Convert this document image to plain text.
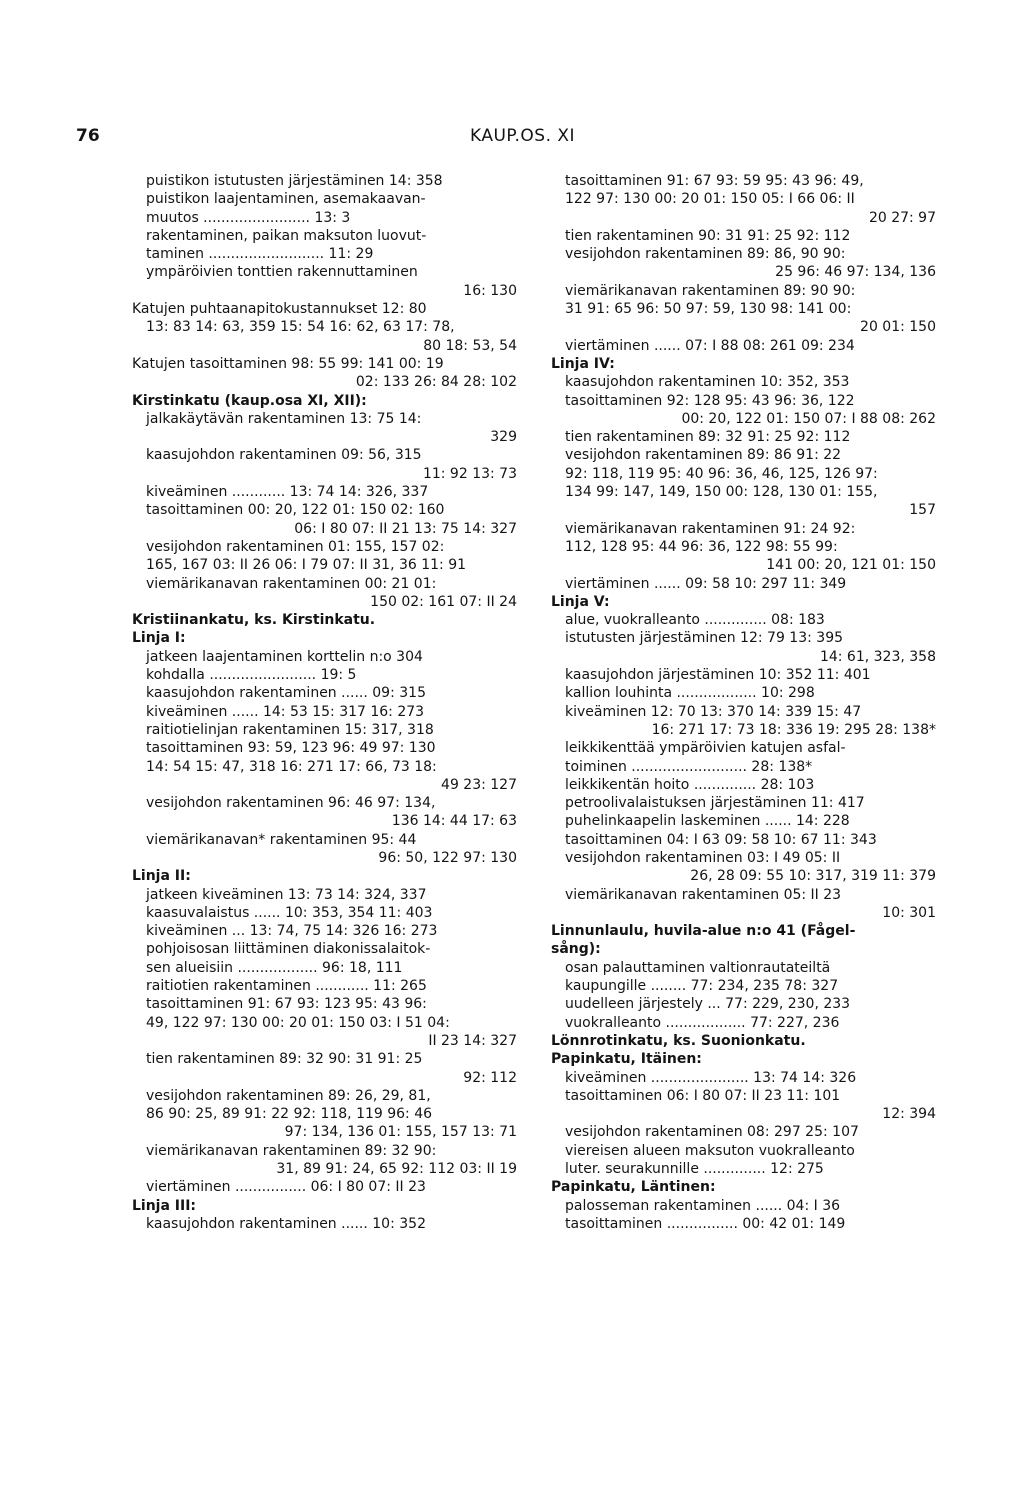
76	KAUP.OS. XI
puistikon istutusten järjestäminen 14: 358
puistikon laajentaminen, asemakaavan-
muutos ........................ 13: 3
rakentaminen, paikan maksuton luovut-
taminen .......................... 11: 29
ympäröivien tonttien rakennuttaminen
16: 130
Katujen puhtaanapitokustannukset 12: 80
13: 83 14: 63, 359 15: 54 16: 62, 63 17: 78,
80 18: 53, 54
Katujen tasoittaminen 98: 55 99: 141 00: 19
02: 133 26: 84 28: 102
Kirstinkatu (kaup.osa XI, XII):
jalkakäytävän rakentaminen 13: 75 14:
329
kaasujohdon rakentaminen 09: 56, 315
11: 92 13: 73
kiveäminen ............ 13: 74 14: 326, 337
tasoittaminen 00: 20, 122 01: 150 02: 160
06: I 80 07: II 21 13: 75 14: 327
vesijohdon rakentaminen 01: 155, 157 02:
165, 167 03: II 26 06: I 79 07: II 31, 36 11: 91
viemärikanavan rakentaminen 00: 21 01:
150 02: 161 07: II 24
Kristiinankatu, ks. Kirstinkatu.
Linja I:
jatkeen laajentaminen korttelin n:o 304
kohdalla ........................ 19: 5
kaasujohdon rakentaminen ...... 09: 315
kiveäminen ...... 14: 53 15: 317 16: 273
raitiotielinjan rakentaminen 15: 317, 318
tasoittaminen 93: 59, 123 96: 49 97: 130
14: 54 15: 47, 318 16: 271 17: 66, 73 18:
49 23: 127
vesijohdon rakentaminen 96: 46 97: 134,
136 14: 44 17: 63
viemärikanavan* rakentaminen 95: 44
96: 50, 122 97: 130
Linja II:
jatkeen kiveäminen 13: 73 14: 324, 337
kaasuvalaistus ...... 10: 353, 354 11: 403
kiveäminen ... 13: 74, 75 14: 326 16: 273
pohjoisosan liittäminen diakonissalaitok-
sen alueisiin .................. 96: 18, 111
raitiotien rakentaminen ............ 11: 265
tasoittaminen 91: 67 93: 123 95: 43 96:
49, 122 97: 130 00: 20 01: 150 03: I 51 04:
II 23 14: 327
tien rakentaminen 89: 32 90: 31 91: 25
92: 112
vesijohdon rakentaminen 89: 26, 29, 81,
86 90: 25, 89 91: 22 92: 118, 119 96: 46
97: 134, 136 01: 155, 157 13: 71
viemärikanavan rakentaminen 89: 32 90:
31, 89 91: 24, 65 92: 112 03: II 19
viertäminen ................ 06: I 80 07: II 23
Linja III:
kaasujohdon rakentaminen ...... 10: 352
tasoittaminen 91: 67 93: 59 95: 43 96: 49,
122 97: 130 00: 20 01: 150 05: I 66 06: II
20 27: 97
tien rakentaminen 90: 31 91: 25 92: 112
vesijohdon rakentaminen 89: 86, 90 90:
25 96: 46 97: 134, 136
viemärikanavan rakentaminen 89: 90 90:
31 91: 65 96: 50 97: 59, 130 98: 141 00:
20 01: 150
viertäminen ...... 07: I 88 08: 261 09: 234
Linja IV:
kaasujohdon rakentaminen 10: 352, 353
tasoittaminen 92: 128 95: 43 96: 36, 122
00: 20, 122 01: 150 07: I 88 08: 262
tien rakentaminen 89: 32 91: 25 92: 112
vesijohdon rakentaminen 89: 86 91: 22
92: 118, 119 95: 40 96: 36, 46, 125, 126 97:
134 99: 147, 149, 150 00: 128, 130 01: 155,
157
viemärikanavan rakentaminen 91: 24 92:
112, 128 95: 44 96: 36, 122 98: 55 99:
141 00: 20, 121 01: 150
viertäminen ...... 09: 58 10: 297 11: 349
Linja V:
alue, vuokralleanto .............. 08: 183
istutusten järjestäminen 12: 79 13: 395
14: 61, 323, 358
kaasujohdon järjestäminen 10: 352 11: 401
kallion louhinta .................. 10: 298
kiveäminen 12: 70 13: 370 14: 339 15: 47
16: 271 17: 73 18: 336 19: 295 28: 138*
leikkikenttää ympäröivien katujen asfal-
toiminen .......................... 28: 138*
leikkikentän hoito .............. 28: 103
petroolivalaistuksen järjestäminen 11: 417
puhelinkaapelin laskeminen ...... 14: 228
tasoittaminen 04: I 63 09: 58 10: 67 11: 343
vesijohdon rakentaminen 03: I 49 05: II
26, 28 09: 55 10: 317, 319 11: 379
viemärikanavan rakentaminen 05: II 23
10: 301
Linnunlaulu, huvila-alue n:o 41 (Fågel-
sång):
osan palauttaminen valtionrautateiltä
kaupungille ........ 77: 234, 235 78: 327
uudelleen järjestely ... 77: 229, 230, 233
vuokralleanto .................. 77: 227, 236
Lönnrotinkatu, ks. Suonionkatu.
Papinkatu, Itäinen:
kiveäminen ...................... 13: 74 14: 326
tasoittaminen 06: I 80 07: II 23 11: 101
12: 394
vesijohdon rakentaminen 08: 297 25: 107
viereisen alueen maksuton vuokralleanto
luter. seurakunnille .............. 12: 275
Papinkatu, Läntinen:
palosseman rakentaminen ...... 04: I 36
tasoittaminen ................ 00: 42 01: 149
